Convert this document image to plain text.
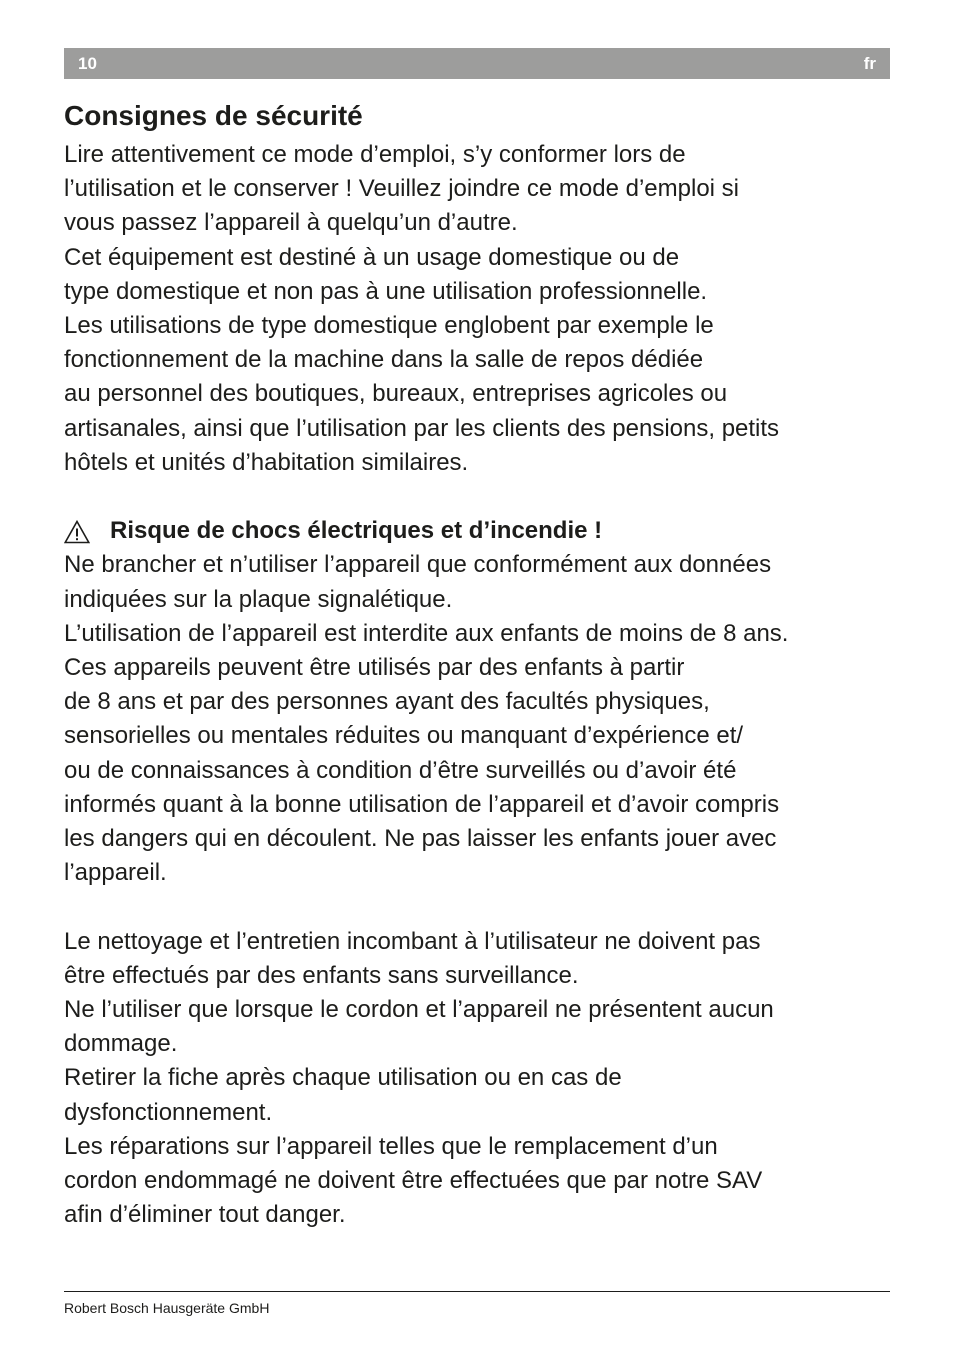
10	fr
Consignes de sécurité
Lire attentivement ce mode d’emploi, s’y conformer lors de
l’utilisation et le conserver ! Veuillez joindre ce mode d’emploi si
vous passez l’appareil à quelqu’un d’autre.
Cet équipement est destiné à un usage domestique ou de
type domestique et non pas à une utilisation professionnelle.
Les utilisations de type domestique englobent par exemple le
fonctionnement de la machine dans la salle de repos dédiée
au personnel des boutiques, bureaux, entreprises agricoles ou
artisanales, ainsi que l’utilisation par les clients des pensions, petits
hôtels et unités d’habitation similaires.
Risque de chocs électriques et d’incendie !
Ne brancher et n’utiliser l’appareil que conformément aux données
indiquées sur la plaque signalétique.
L’utilisation de l’appareil est interdite aux enfants de moins de 8 ans.
Ces appareils peuvent être utilisés par des enfants à partir
de 8 ans et par des personnes ayant des facultés physiques,
sensorielles ou mentales réduites ou manquant d’expérience et/
ou de connaissances à condition d’être surveillés ou d’avoir été
informés quant à la bonne utilisation de l’appareil et d’avoir compris
les dangers qui en découlent. Ne pas laisser les enfants jouer avec
l’appareil.
Le nettoyage et l’entretien incombant à l’utilisateur ne doivent pas
être effectués par des enfants sans surveillance.
Ne l’utiliser que lorsque le cordon et l’appareil ne présentent aucun
dommage.
Retirer la fiche après chaque utilisation ou en cas de
dysfonctionnement.
Les réparations sur l’appareil telles que le remplacement d’un
cordon endommagé ne doivent être effectuées que par notre SAV
afin d’éliminer tout danger.
Robert Bosch Hausgeräte GmbH
